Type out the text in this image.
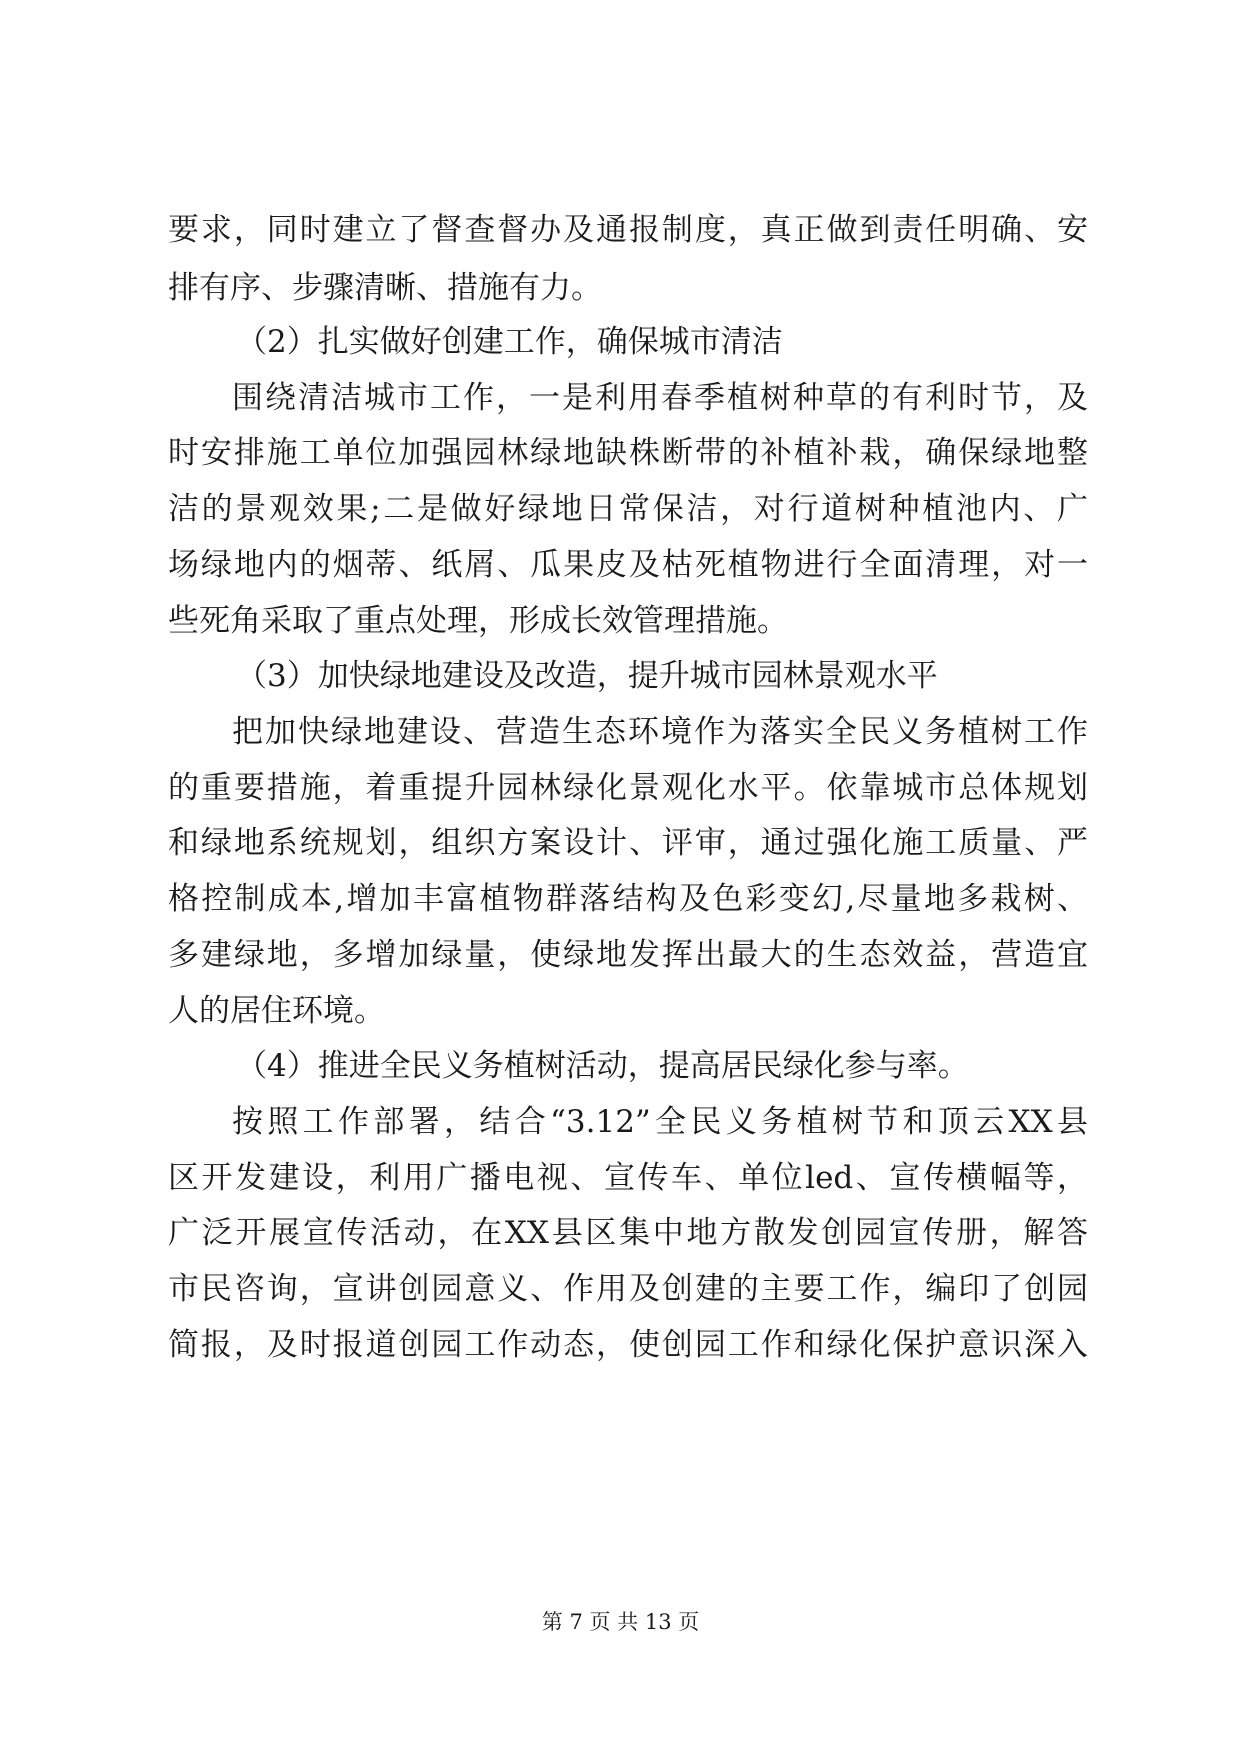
要求，同时建立了督查督办及通报制度，真正做到责任明确、安
排有序、步骤清晰、措施有力。
（2）扎实做好创建工作，确保城市清洁
围绕清洁城市工作，一是利用春季植树种草的有利时节，及
时安排施工单位加强园林绿地缺株断带的补植补栽，确保绿地整
洁的景观效果;二是做好绿地日常保洁，对行道树种植池内、广
场绿地内的烟蒂、纸屑、瓜果皮及枯死植物进行全面清理，对一
些死角采取了重点处理，形成长效管理措施。
（3）加快绿地建设及改造，提升城市园林景观水平
把加快绿地建设、营造生态环境作为落实全民义务植树工作
的重要措施，着重提升园林绿化景观化水平。依靠城市总体规划
和绿地系统规划，组织方案设计、评审，通过强化施工质量、严
格控制成本,增加丰富植物群落结构及色彩变幻,尽量地多栽树、
多建绿地，多增加绿量，使绿地发挥出最大的生态效益，营造宜
人的居住环境。
（4）推进全民义务植树活动，提高居民绿化参与率。
按照工作部署，结合“3.12”全民义务植树节和顶云XX县
区开发建设，利用广播电视、宣传车、单位led、宣传横幅等，
广泛开展宣传活动，在XX县区集中地方散发创园宣传册，解答
市民咨询，宣讲创园意义、作用及创建的主要工作，编印了创园
简报，及时报道创园工作动态，使创园工作和绿化保护意识深入
第 7 页 共 13 页
